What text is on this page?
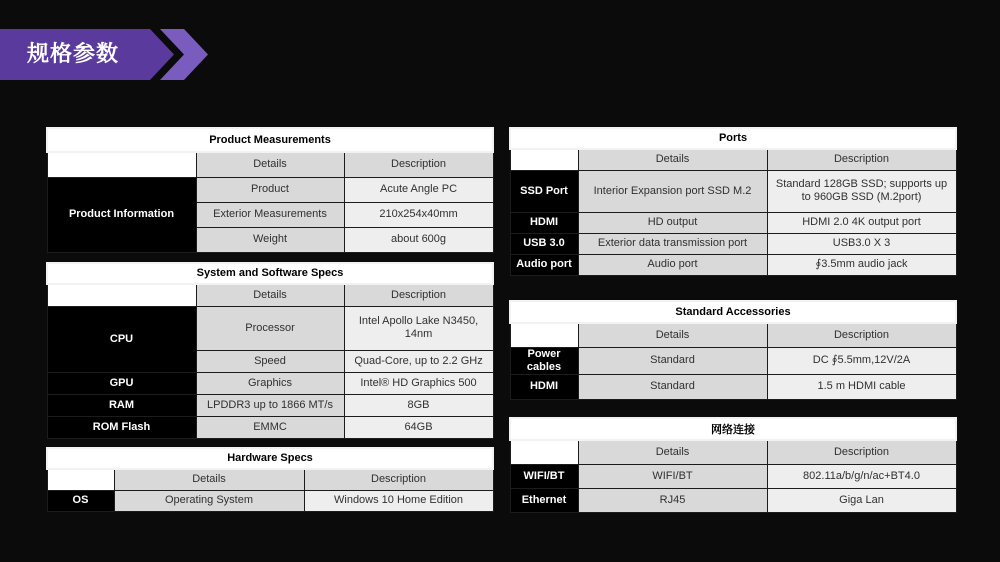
规格参数
Product Measurements		
	Details	Description
Product Information	Product	Acute Angle PC
	Exterior Measurements	210x254x40mm
	Weight	about 600g
System and Software Specs		
	Details	Description
CPU	Processor	Intel Apollo Lake N3450, 14nm
	Speed	Quad-Core, up to 2.2 GHz
GPU	Graphics	Intel® HD Graphics 500
RAM	LPDDR3 up to 1866 MT/s	8GB
ROM Flash	EMMC	64GB
Hardware Specs		
	Details	Description
OS	Operating System	Windows 10 Home Edition
Ports		
	Details	Description
SSD Port	Interior Expansion port SSD M.2	Standard 128GB SSD; supports up to 960GB SSD (M.2port)
HDMI	HD output	HDMI 2.0 4K output port
USB 3.0	Exterior data transmission port	USB3.0 X 3
Audio port	Audio port	∮3.5mm audio jack
Standard Accessories		
	Details	Description
Power cables	Standard	DC ∮5.5mm,12V/2A
HDMI	Standard	1.5 m HDMI cable
网络连接		
	Details	Description
WIFI/BT	WIFI/BT	802.11a/b/g/n/ac+BT4.0
Ethernet	RJ45	Giga Lan
